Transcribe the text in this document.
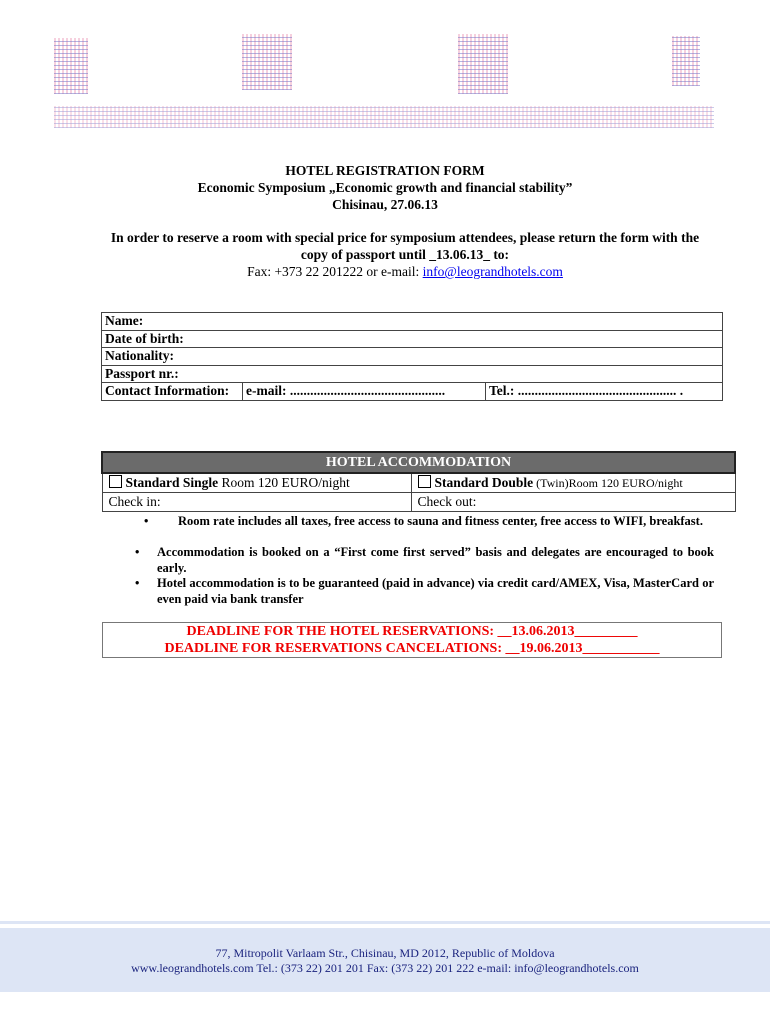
HOTEL REGISTRATION FORM
Economic Symposium „Economic growth and financial stability”
Chisinau, 27.06.13
In order to reserve a room with special price for symposium attendees, please return the form with the copy of passport until _13.06.13_ to:
Fax: +373 22 201222 or e-mail: info@leograndhotels.com
Name:
Date of birth:
Nationality:
Passport nr.:
Contact Information:	e-mail: ..............................................	Tel.: ............................................... .
HOTEL ACCOMMODATION	
Standard Single Room 120 EURO/night	Standard Double (Twin)Room 120 EURO/night
Check in:	Check out:
• Room rate includes all taxes, free access to sauna and fitness center, free access to WIFI, breakfast.
• Accommodation is booked on a “First come first served” basis and delegates are encouraged to book early.
• Hotel accommodation is to be guaranteed (paid in advance) via credit card/AMEX, Visa, MasterCard or even paid via bank transfer
DEADLINE FOR THE HOTEL RESERVATIONS: __13.06.2013_________
DEADLINE FOR RESERVATIONS CANCELATIONS: __19.06.2013___________
77, Mitropolit Varlaam Str., Chisinau, MD 2012, Republic of Moldova
www.leograndhotels.com Tel.: (373 22) 201 201 Fax: (373 22) 201 222 e-mail: info@leograndhotels.com
